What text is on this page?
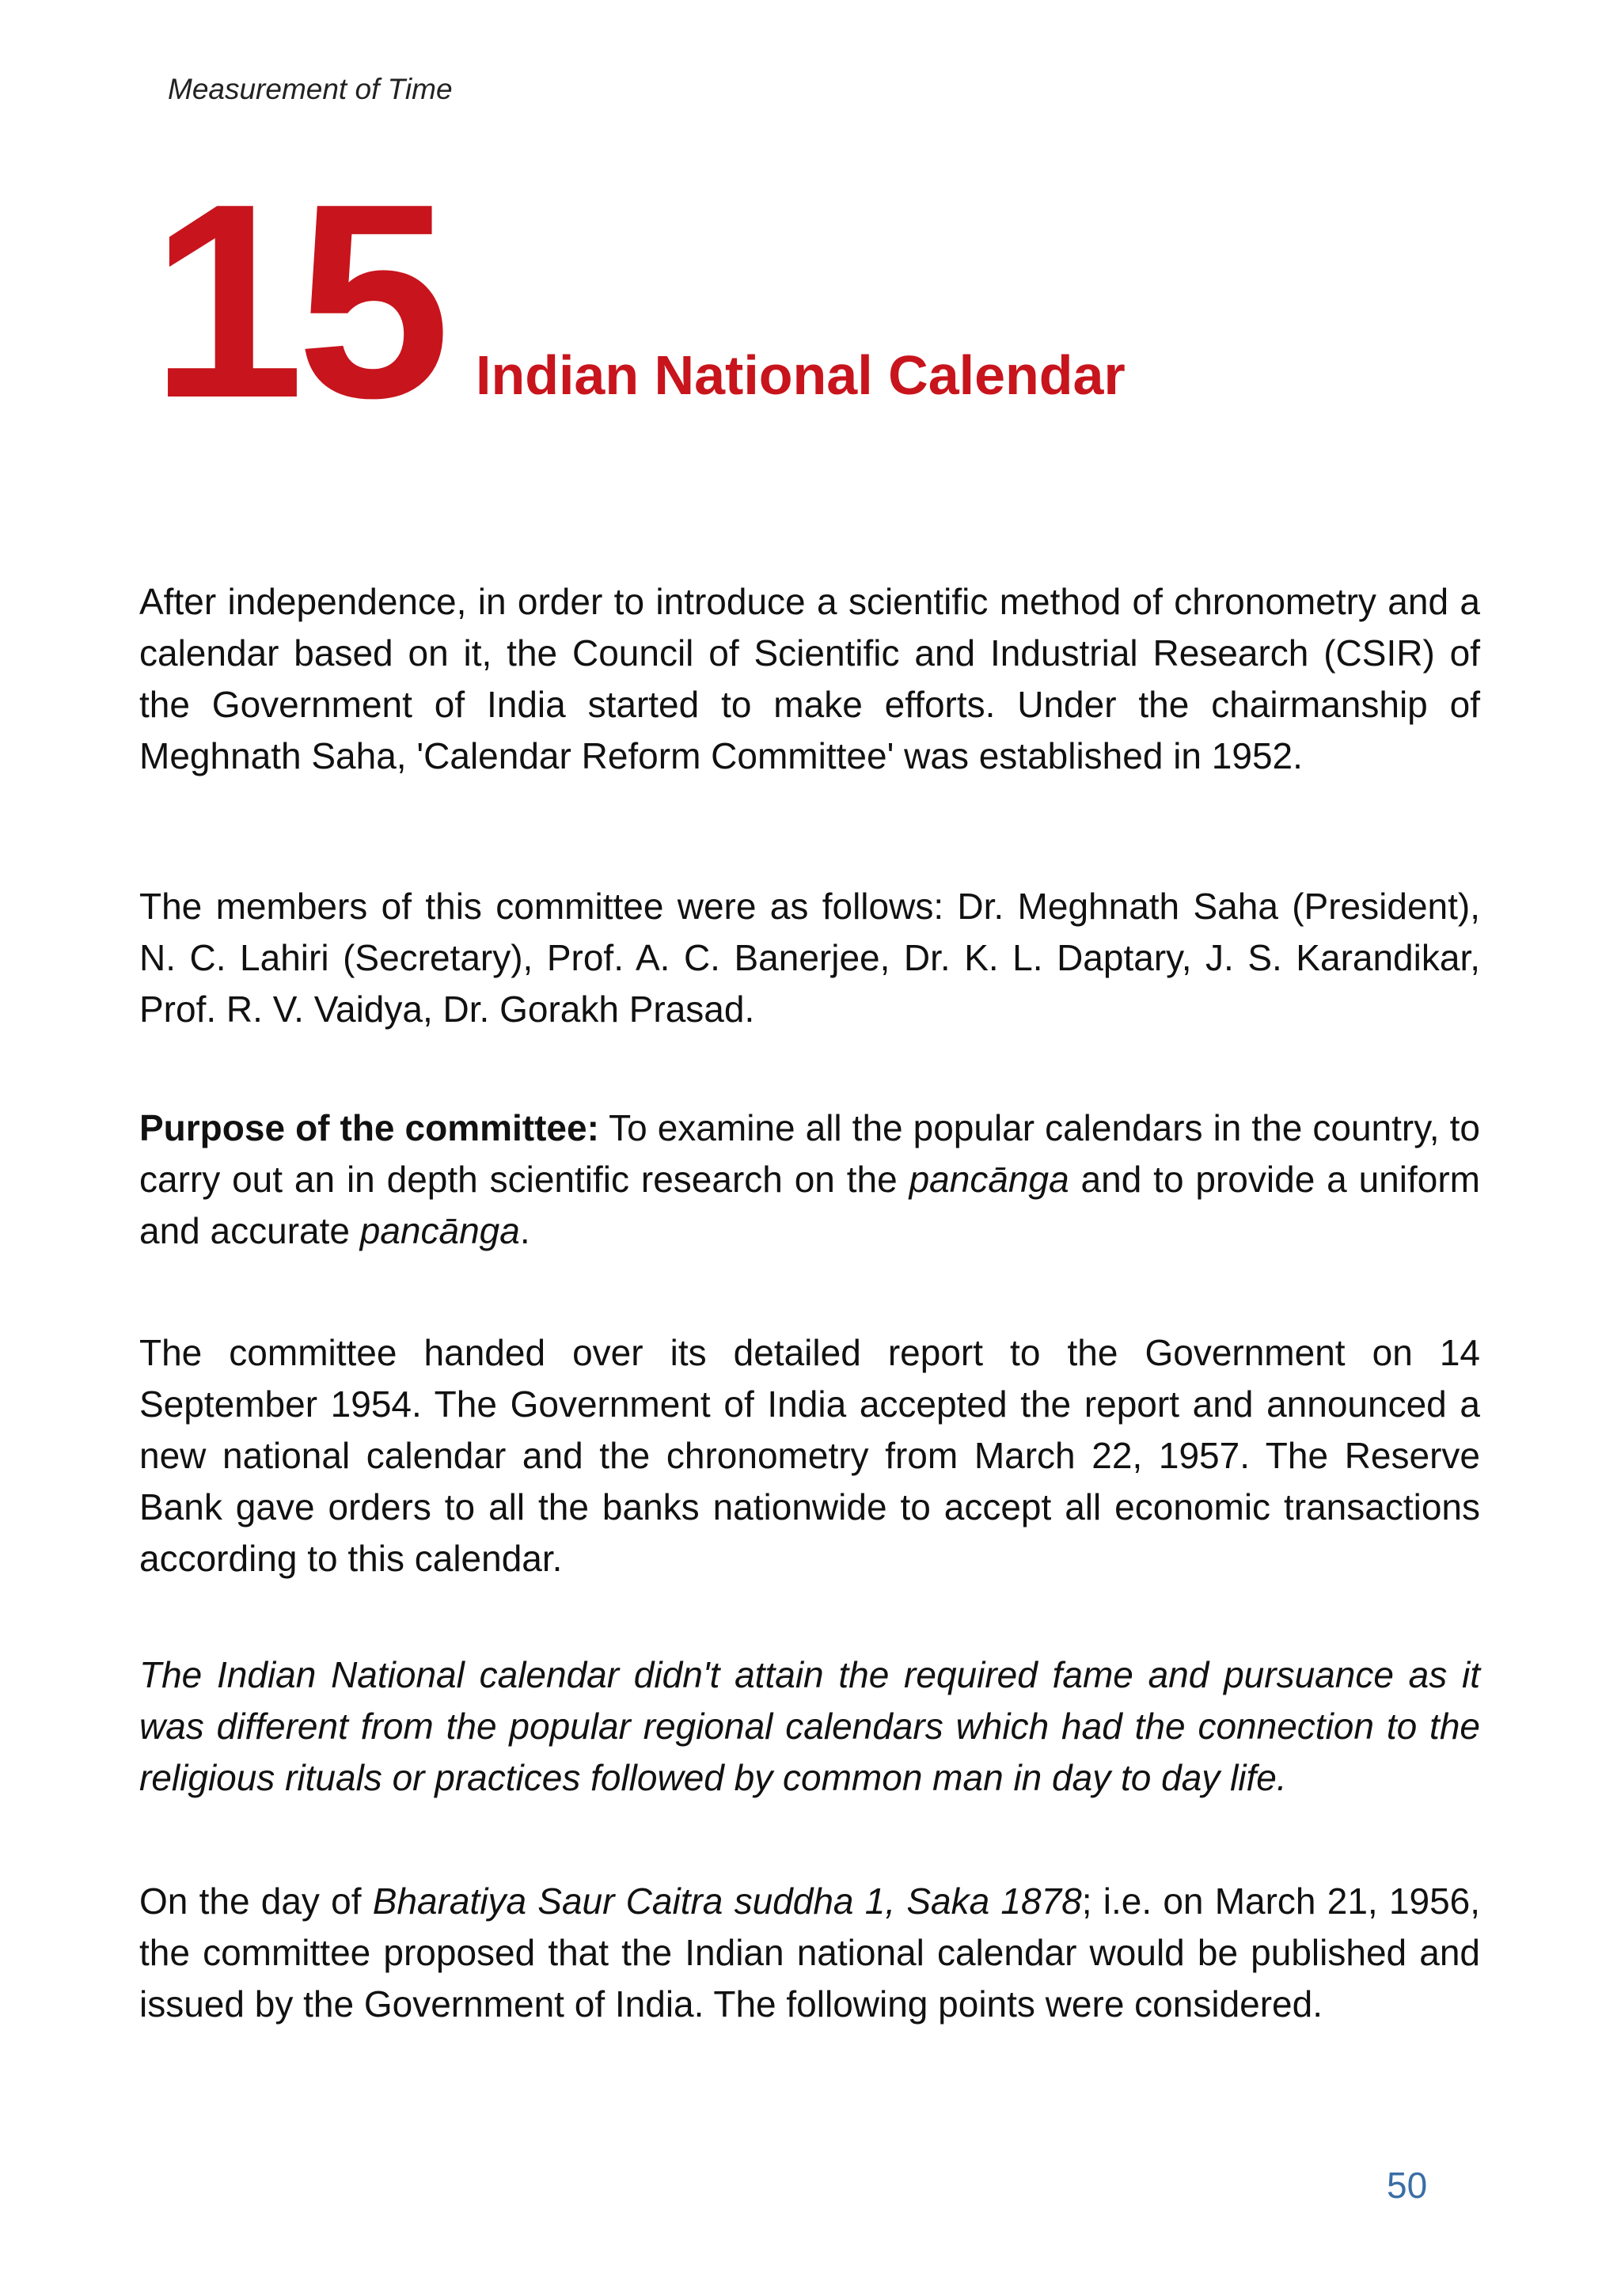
Measurement of Time
15 Indian National Calendar

After independence, in order to introduce a scientific method of chronometry and a calendar based on it, the Council of Scientific and Industrial Research (CSIR) of the Government of India started to make efforts. Under the chairmanship of Meghnath Saha, 'Calendar Reform Committee' was established in 1952.

The members of this committee were as follows: Dr. Meghnath Saha (President), N. C. Lahiri (Secretary), Prof. A. C. Banerjee, Dr. K. L. Daptary, J. S. Karandikar, Prof. R. V. Vaidya, Dr. Gorakh Prasad.

Purpose of the committee: To examine all the popular calendars in the country, to carry out an in depth scientific research on the pancānga and to provide a uniform and accurate pancānga.

The committee handed over its detailed report to the Government on 14 September 1954. The Government of India accepted the report and announced a new national calendar and the chronometry from March 22, 1957. The Reserve Bank gave orders to all the banks nationwide to accept all economic transactions according to this calendar.

The Indian National calendar didn't attain the required fame and pursuance as it was different from the popular regional calendars which had the connection to the religious rituals or practices followed by common man in day to day life.

On the day of Bharatiya Saur Caitra suddha 1, Saka 1878; i.e. on March 21, 1956, the committee proposed that the Indian national calendar would be published and issued by the Government of India. The following points were considered.

50
